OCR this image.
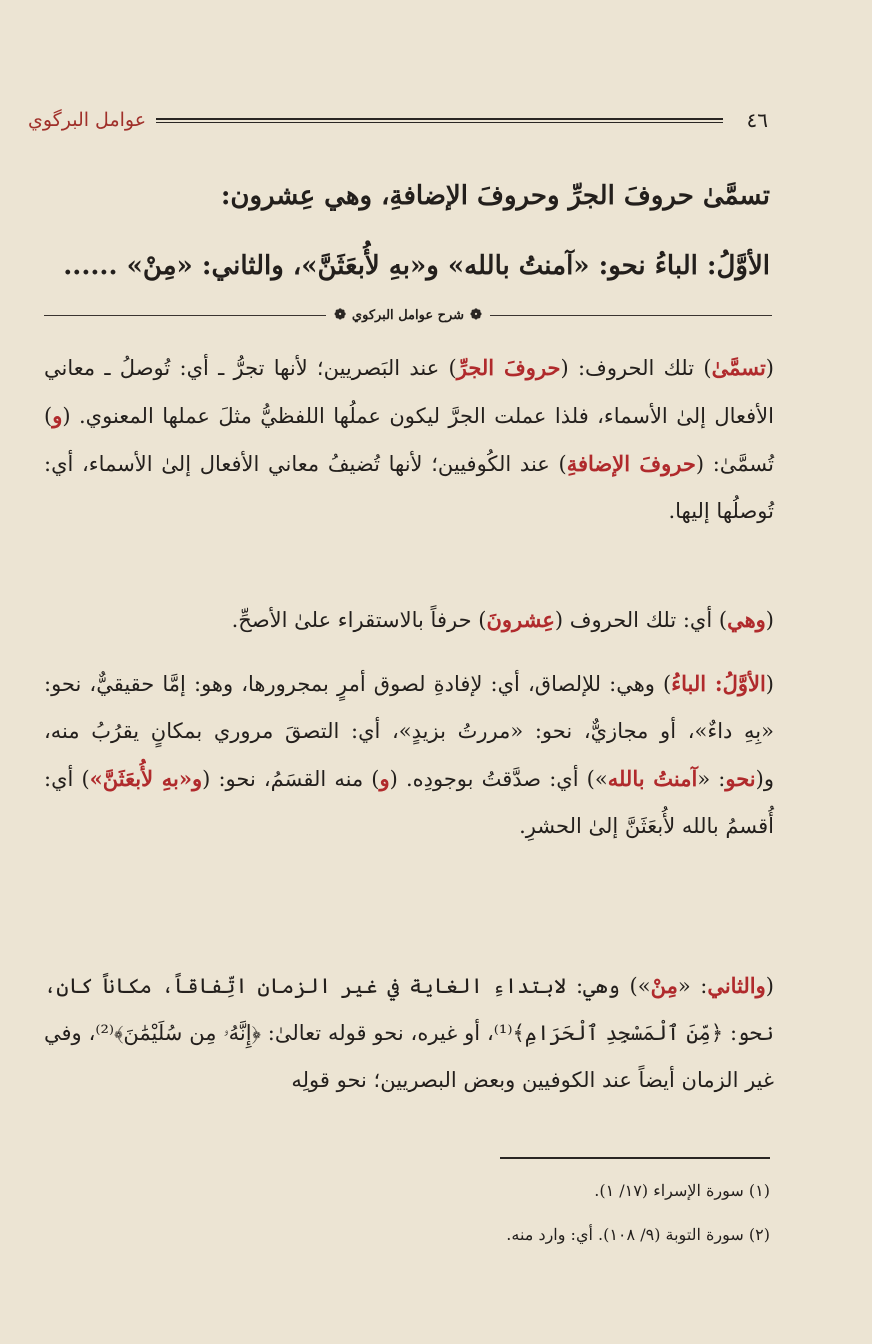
٤٦
عوامل البرگوي
تسمَّىٰ حروفَ الجرِّ وحروفَ الإضافةِ، وهي عِشرون:
الأوَّلُ: الباءُ نحو: «آمنتُ بالله» و«بهِ لأُبعَثَنَّ»، والثاني: «مِنْ» ......
❁
شرح عوامل البركوي
❁
(تسمَّىٰ) تلك الحروف: (حروفَ الجرِّ) عند البَصريين؛ لأنها تجرُّ ـ أي: تُوصلُ ـ معاني الأفعال إلىٰ الأسماء، فلذا عملت الجرَّ ليكون عملُها اللفظيُّ مثلَ عملها المعنوي. (و) تُسمَّىٰ: (حروفَ الإضافةِ) عند الكُوفيين؛ لأنها تُضيفُ معاني الأفعال إلىٰ الأسماء، أي: تُوصلُها إليها.
(وهي) أي: تلك الحروف (عِشرونَ) حرفاً بالاستقراء علىٰ الأصحِّ.
(الأوَّلُ: الباءُ) وهي: للإلصاق، أي: لإفادةِ لصوق أمرٍ بمجرورها، وهو: إمَّا حقيقيٌّ، نحو: «بِهِ داءٌ»، أو مجازيٌّ، نحو: «مررتُ بزيدٍ»، أي: التصقَ مروري بمكانٍ يقرُبُ منه، و(نحو: «آمنتُ بالله») أي: صدَّقتُ بوجودِه. (و) منه القسَمُ، نحو: (و«بهِ لأُبعَثَنَّ») أي: أُقسمُ بالله لأُبعَثَنَّ إلىٰ الحشرِ.
(والثاني: «مِنْ») وهي: لابتداءِ الغاية في غير الزمان اتِّفاقاً، مكاناً كان، نحو: ﴿مِّنَ ٱلْمَسْجِدِ ٱلْحَرَامِ﴾⁽¹⁾، أو غيره، نحو قوله تعالىٰ: ﴿إِنَّهُۥ مِن سُلَيْمَٰنَ﴾⁽²⁾، وفي غير الزمان أيضاً عند الكوفيين وبعض البصريين؛ نحو قولِه
(١) سورة الإسراء (١٧/ ١).
(٢) سورة التوبة (٩/ ١٠٨). أي: وارد منه.
